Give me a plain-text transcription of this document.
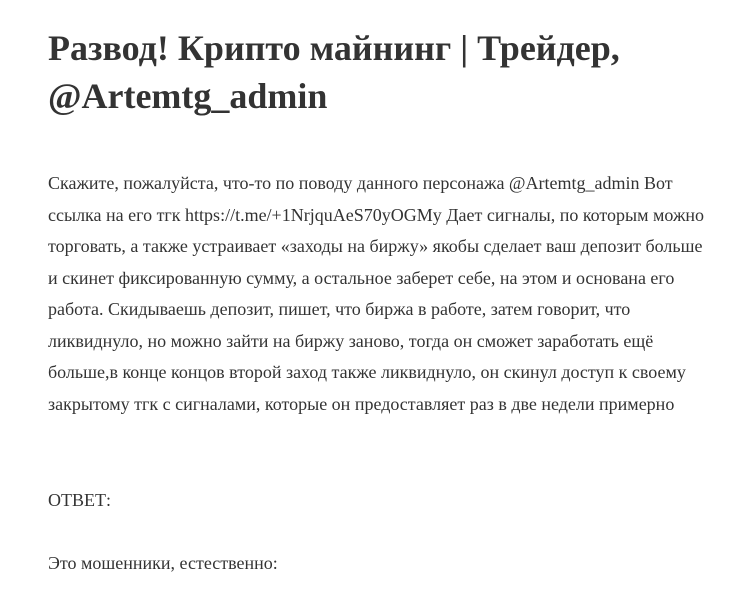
Развод! Крипто майнинг | Трейдер, @Artemtg_admin

Скажите, пожалуйста, что-то по поводу данного персонажа @Artemtg_admin Вот ссылка на его тгк https://t.me/+1NrjquAeS70yOGMy Дает сигналы, по которым можно торговать, а также устраивает «заходы на биржу» якобы сделает ваш депозит больше и скинет фиксированную сумму, а остальное заберет себе, на этом и основана его работа. Скидываешь депозит, пишет, что биржа в работе, затем говорит, что ликвиднуло, но можно зайти на биржу заново, тогда он сможет заработать ещё больше,в конце концов второй заход также ликвиднуло, он скинул доступ к своему закрытому тгк с сигналами, которые он предоставляет раз в две недели примерно

ОТВЕТ:

Это мошенники, естественно:
